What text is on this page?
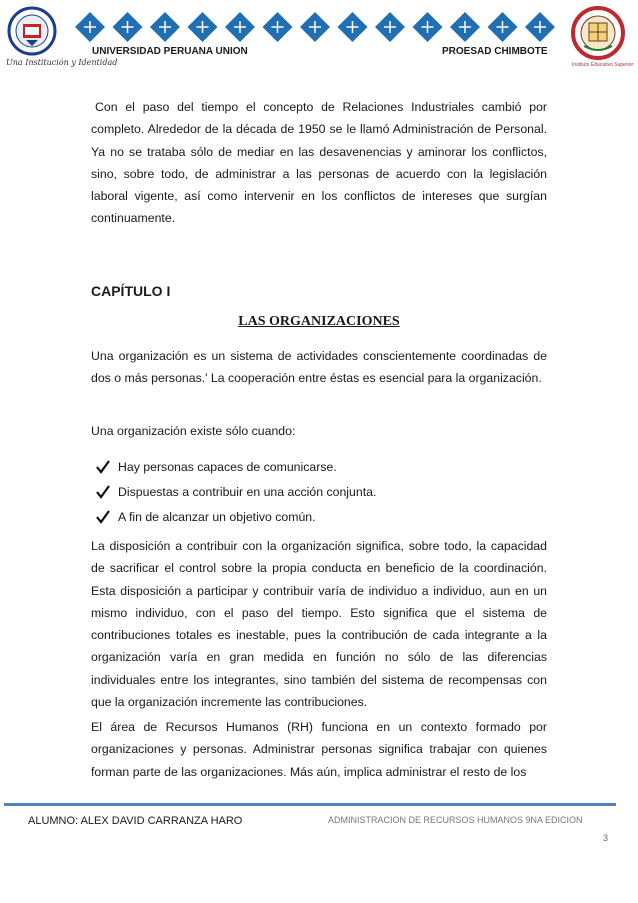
Una Institución y Identidad	Instituto Educativo Superior
UNIVERSIDAD PERUANA UNION	PROESAD CHIMBOTE

Con el paso del tiempo el concepto de Relaciones Industriales cambió por completo. Alrededor de la década de 1950 se le llamó Administración de Personal. Ya no se trataba sólo de mediar en las desavenencias y aminorar los conflictos, sino, sobre todo, de administrar a las personas de acuerdo con la legislación laboral vigente, así como intervenir en los conflictos de intereses que surgían continuamente.

CAPÍTULO I
LAS ORGANIZACIONES

Una organización es un sistema de actividades conscientemente coordinadas de dos o más personas.' La cooperación entre éstas es esencial para la organización.

Una organización existe sólo cuando:

Hay personas capaces de comunicarse.
Dispuestas a contribuir en una acción conjunta.
A fin de alcanzar un objetivo común.

La disposición a contribuir con la organización significa, sobre todo, la capacidad de sacrificar el control sobre la propia conducta en beneficio de la coordinación. Esta disposición a participar y contribuir varía de individuo a individuo, aun en un mismo individuo, con el paso del tiempo. Esto significa que el sistema de contribuciones totales es inestable, pues la contribución de cada integrante a la organización varía en gran medida en función no sólo de las diferencias individuales entre los integrantes, sino también del sistema de recompensas con que la organización incremente las contribuciones.

El área de Recursos Humanos (RH) funciona en un contexto formado por organizaciones y personas. Administrar personas significa trabajar con quienes forman parte de las organizaciones. Más aún, implica administrar el resto de los

ALUMNO: ALEX DAVID CARRANZA HARO	ADMINISTRACION DE RECURSOS HUMANOS 9NA EDICION
3
